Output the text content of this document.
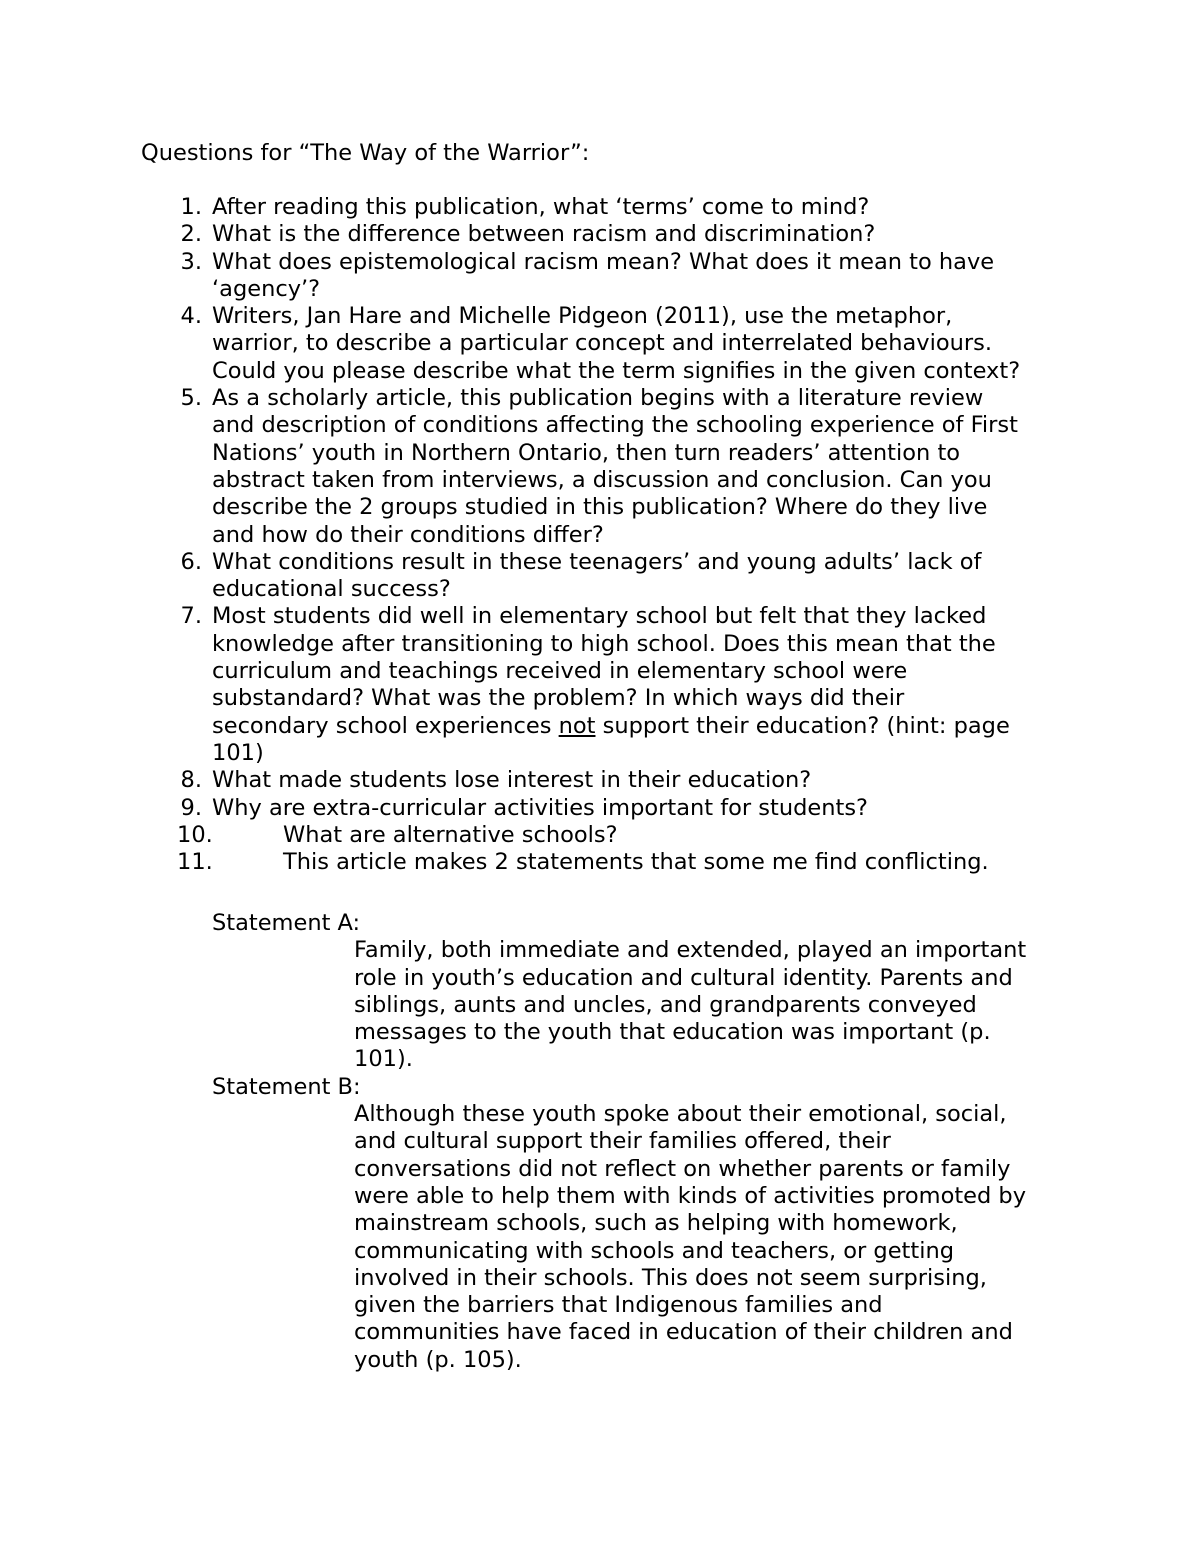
Questions for “The Way of the Warrior”:
1. After reading this publication, what ‘terms’ come to mind?
2. What is the difference between racism and discrimination?
3. What does epistemological racism mean? What does it mean to have
‘agency’?
4. Writers, Jan Hare and Michelle Pidgeon (2011), use the metaphor,
warrior, to describe a particular concept and interrelated behaviours.
Could you please describe what the term signifies in the given context?
5. As a scholarly article, this publication begins with a literature review
and description of conditions affecting the schooling experience of First
Nations’ youth in Northern Ontario, then turn readers’ attention to
abstract taken from interviews, a discussion and conclusion. Can you
describe the 2 groups studied in this publication? Where do they live
and how do their conditions differ?
6. What conditions result in these teenagers’ and young adults’ lack of
educational success?
7. Most students did well in elementary school but felt that they lacked
knowledge after transitioning to high school. Does this mean that the
curriculum and teachings received in elementary school were
substandard? What was the problem? In which ways did their
secondary school experiences not support their education? (hint: page
101)
8. What made students lose interest in their education?
9. Why are extra-curricular activities important for students?
10.	What are alternative schools?
11.	This article makes 2 statements that some me find conflicting.
Statement A:
Family, both immediate and extended, played an important
role in youth’s education and cultural identity. Parents and
siblings, aunts and uncles, and grandparents conveyed
messages to the youth that education was important (p.
101).
Statement B:
Although these youth spoke about their emotional, social,
and cultural support their families offered, their
conversations did not reflect on whether parents or family
were able to help them with kinds of activities promoted by
mainstream schools, such as helping with homework,
communicating with schools and teachers, or getting
involved in their schools. This does not seem surprising,
given the barriers that Indigenous families and
communities have faced in education of their children and
youth (p. 105).
